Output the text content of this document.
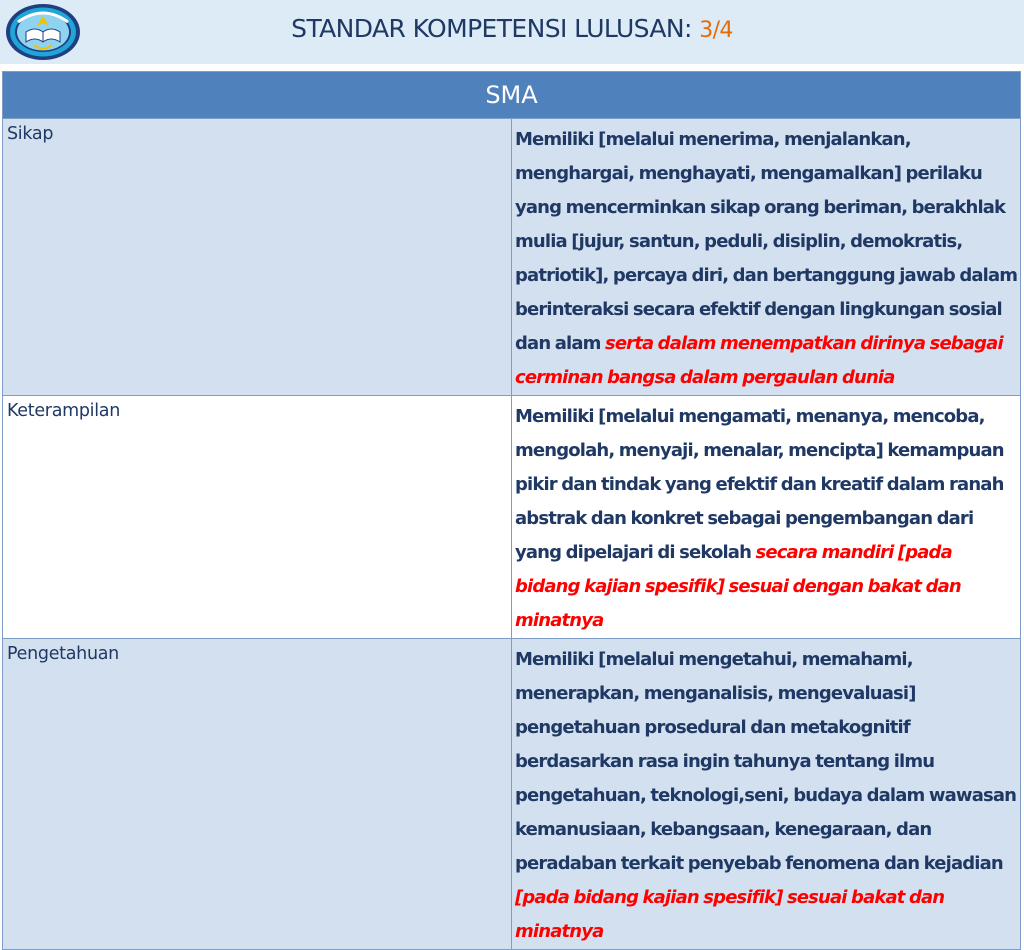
STANDAR KOMPETENSI LULUSAN: 3/4
SMA	
Sikap	Memiliki [melalui menerima, menjalankan, menghargai, menghayati, mengamalkan] perilaku yang mencerminkan sikap orang beriman, berakhlak mulia [jujur, santun, peduli, disiplin, demokratis, patriotik], percaya diri, dan bertanggung jawab dalam berinteraksi secara efektif dengan lingkungan sosial dan alam serta dalam menempatkan dirinya sebagai cerminan bangsa dalam pergaulan dunia
Keterampilan	Memiliki [melalui mengamati, menanya, mencoba, mengolah, menyaji, menalar, mencipta] kemampuan pikir dan tindak yang efektif dan kreatif dalam ranah abstrak dan konkret sebagai pengembangan dari yang dipelajari di sekolah secara mandiri [pada bidang kajian spesifik] sesuai dengan bakat dan minatnya
Pengetahuan	Memiliki [melalui mengetahui, memahami, menerapkan, menganalisis, mengevaluasi] pengetahuan prosedural dan metakognitif berdasarkan rasa ingin tahunya tentang ilmu pengetahuan, teknologi,seni, budaya dalam wawasan kemanusiaan, kebangsaan, kenegaraan, dan peradaban terkait penyebab fenomena dan kejadian [pada bidang kajian spesifik] sesuai bakat dan minatnya
